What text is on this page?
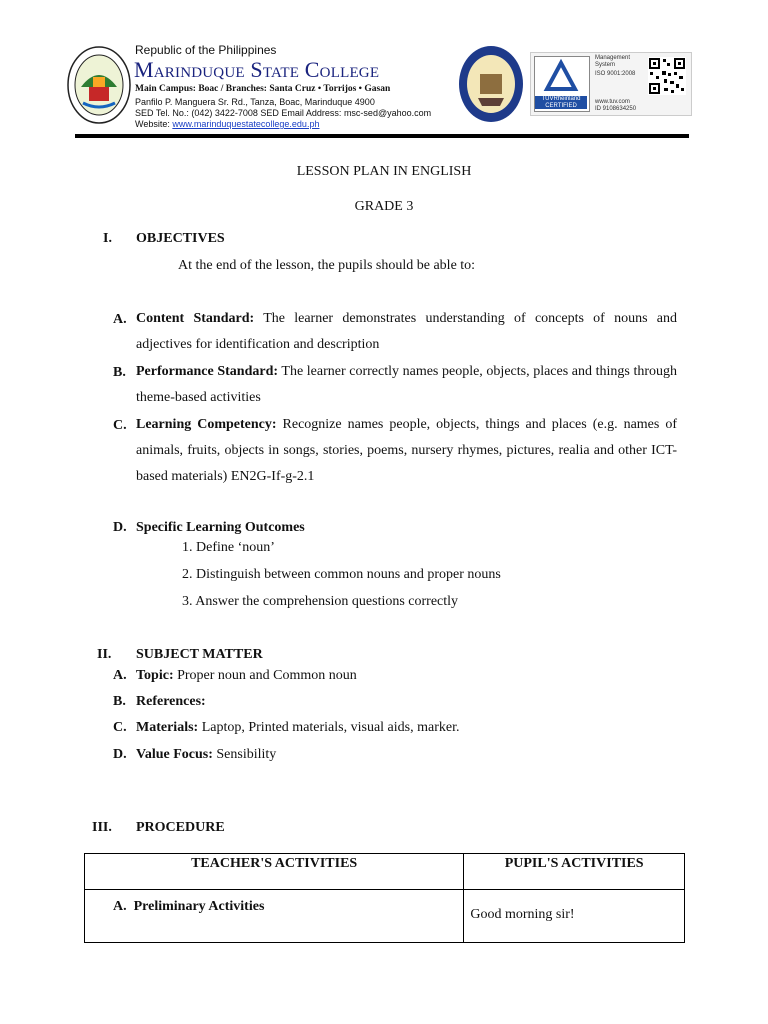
Republic of the Philippines
Marinduque State College
Main Campus: Boac / Branches: Santa Cruz • Torrijos • Gasan
Panfilo P. Manguera Sr. Rd., Tanza, Boac, Marinduque 4900
SED Tel. No.: (042) 3422-7008 SED Email Address: msc-sed@yahoo.com
Website: www.marinduquestatecollege.edu.ph
TÜVRheinland
CERTIFIED
Management
System
ISO 9001:2008
www.tuv.com
ID 9108634250
LESSON PLAN IN ENGLISH
GRADE 3
I. OBJECTIVES
At the end of the lesson, the pupils should be able to:
A. Content Standard: The learner demonstrates understanding of concepts of nouns and adjectives for identification and description
B. Performance Standard: The learner correctly names people, objects, places and things through theme-based activities
C. Learning Competency: Recognize names people, objects, things and places (e.g. names of animals, fruits, objects in songs, stories, poems, nursery rhymes, pictures, realia and other ICT-based materials) EN2G-If-g-2.1
D. Specific Learning Outcomes
1. Define ‘noun’
2. Distinguish between common nouns and proper nouns
3. Answer the comprehension questions correctly
II. SUBJECT MATTER
A. Topic: Proper noun and Common noun
B. References:
C. Materials: Laptop, Printed materials, visual aids, marker.
D. Value Focus: Sensibility
III. PROCEDURE
TEACHER'S ACTIVITIES	PUPIL'S ACTIVITIES
A. Preliminary Activities	Good morning sir!
